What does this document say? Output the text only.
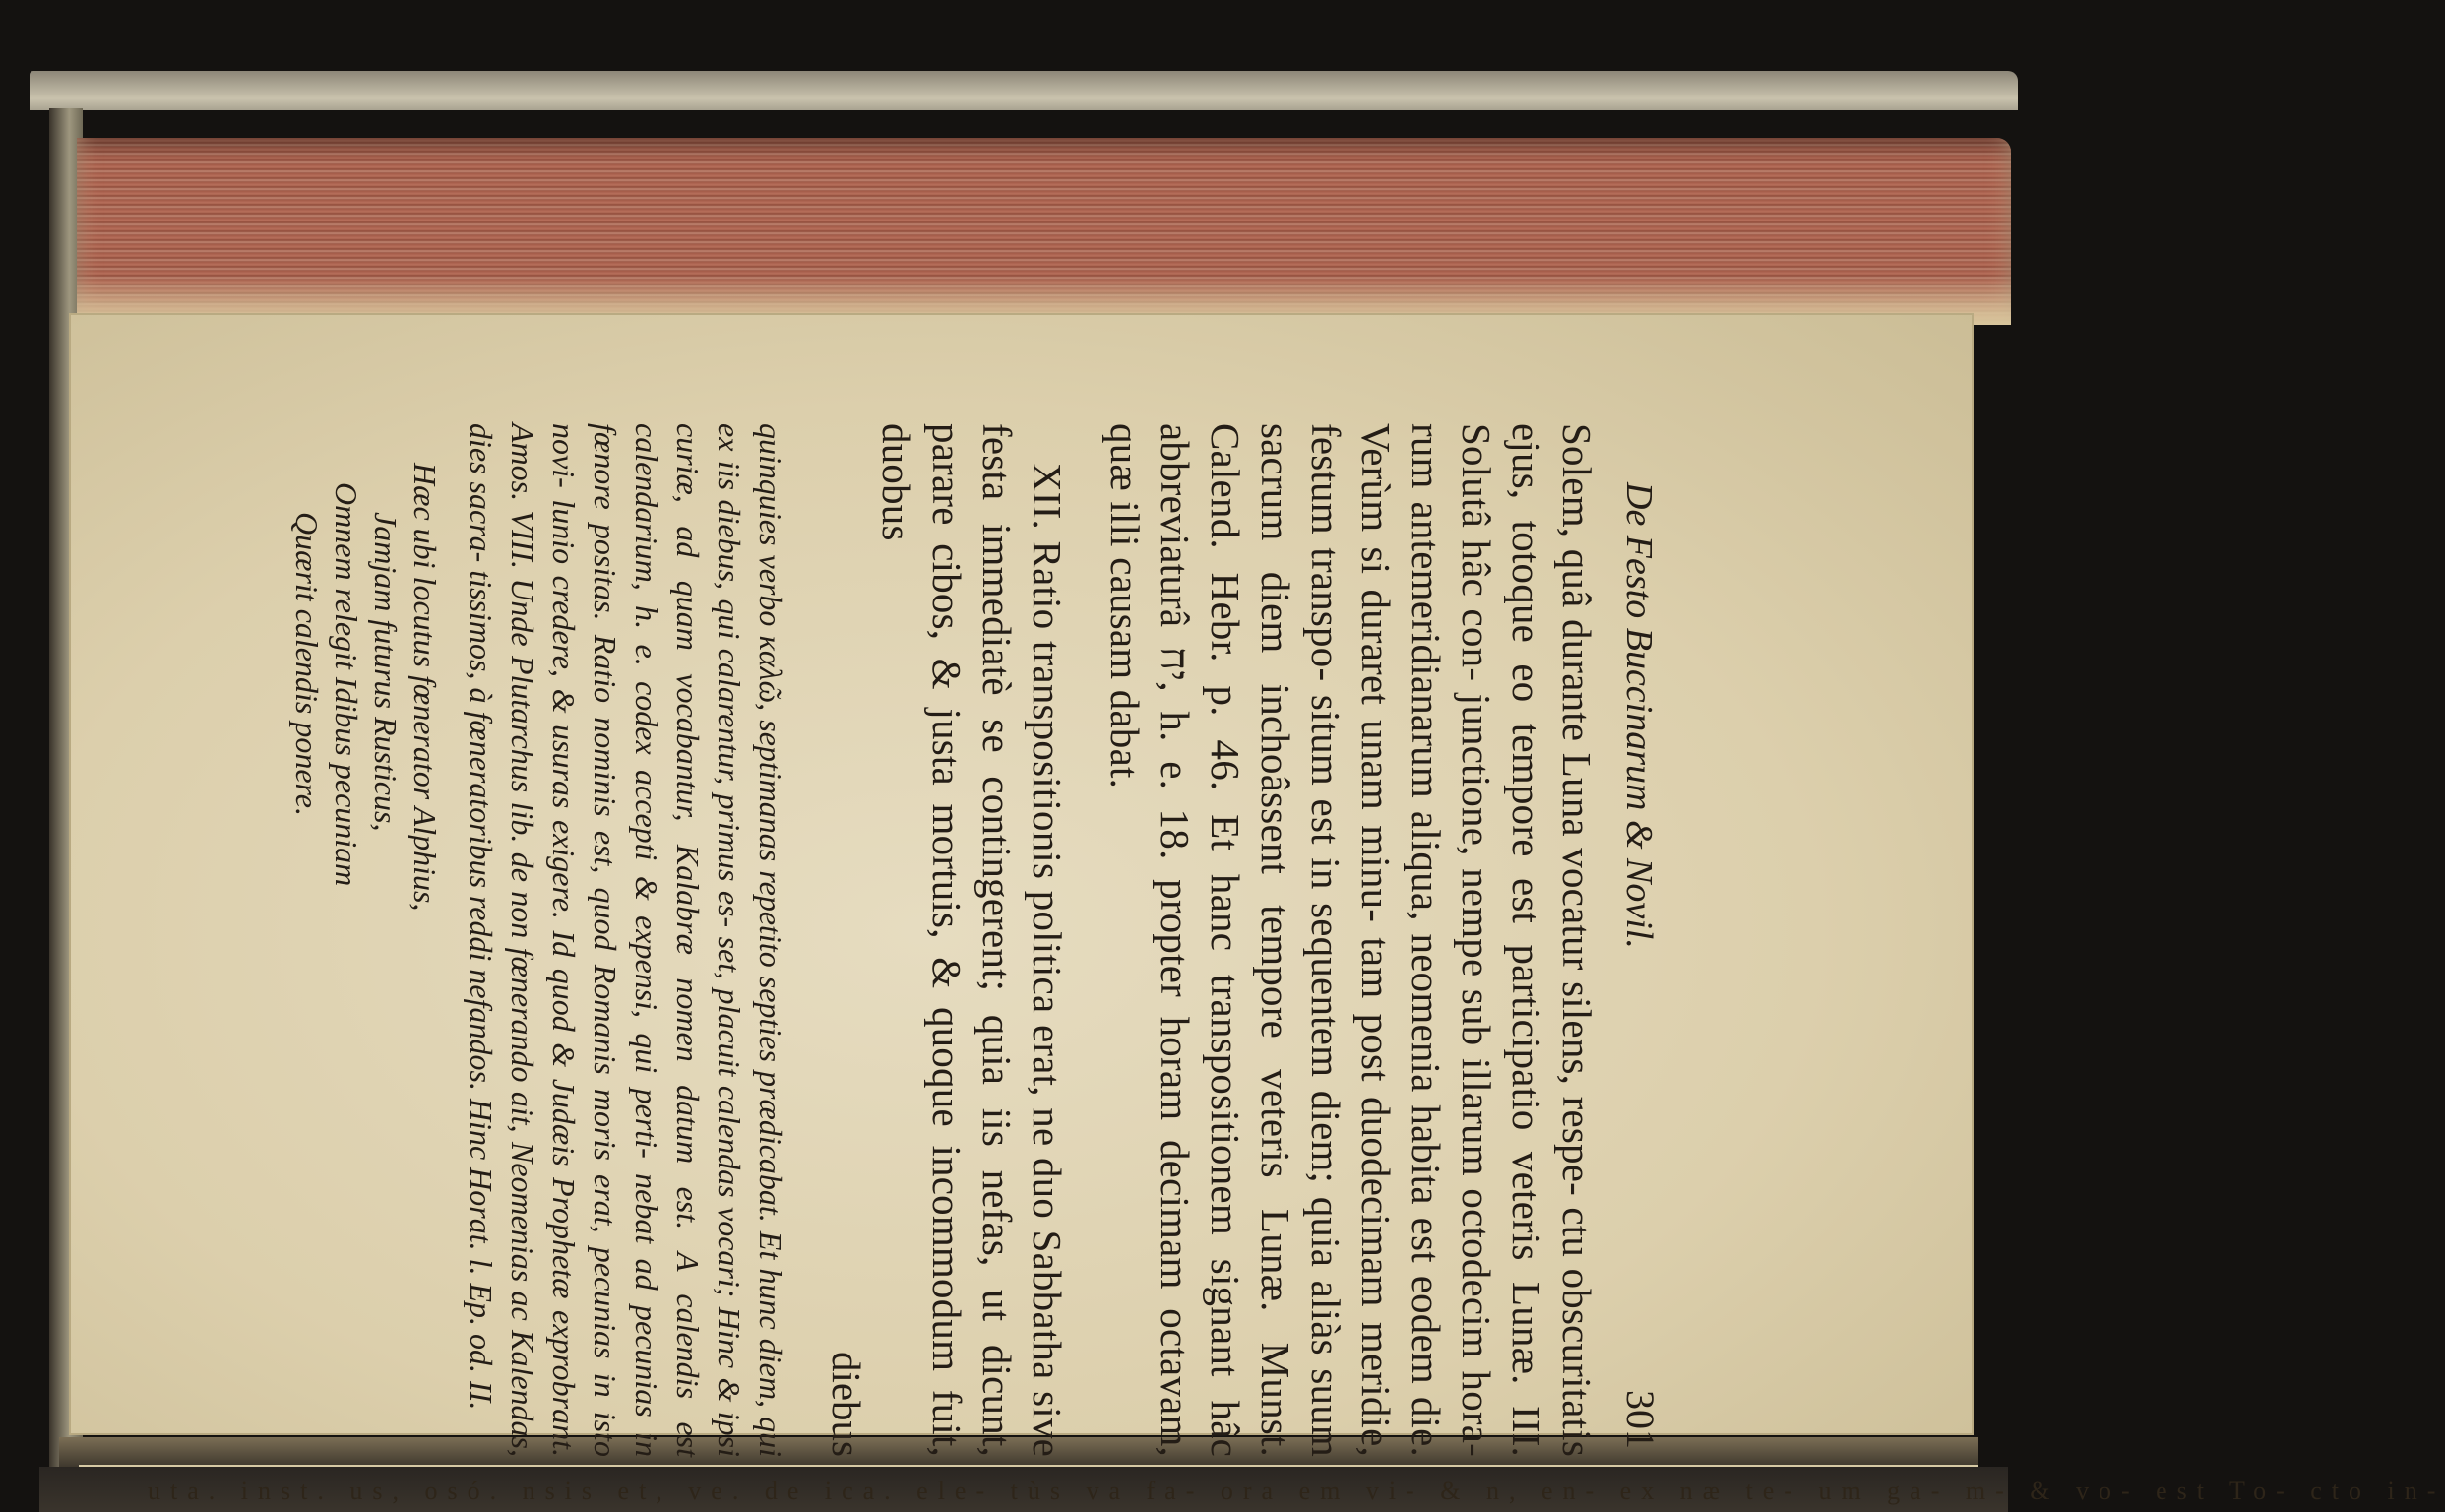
uta. inst. us, osó. nsis et, ve. de ica. ele- tùs va fa- ora em vi- & n, en- ex næ te- um ga- m- & vo- est To- cto in-
De Festo Buccinarum & Novil.
301

Solem, quâ durante Luna vocatur silens, respe- ctu obscuritatis ejus, totoque eo tempore est participatio veteris Lunæ. III. Solutâ hâc con- junctione, nempe sub illarum octodecim hora- rum antemeridianarum aliqua, neomenia habita est eodem die. Verùm si duraret unam minu- tam post duodecimam meridie, festum transpo- situm est in sequentem diem; quia aliàs suum sacrum diem inchoâssent tempore veteris Lunæ. Munst. Calend. Hebr. p. 46. Et hanc transpositionem signant hâc abbreviaturâ יח, h. e. 18. propter horam decimam octavam, quæ illi causam dabat.

XII. Ratio transpositionis politica erat, ne duo Sabbatha sive festa immediatè se contingerent; quia iis nefas, ut dicunt, parare cibos, & justa mortuis, & quoque incommodum fuit, duobus

diebus

quinquies verbo καλῶ, septimanas repetito septies prædicabat. Et hunc diem, qui ex iis diebus, qui calarentur, primus es- set, placuit calendas vocari; Hinc & ipsi curiæ, ad quam vocabantur, Kalabræ nomen datum est. A calendis est calendarium, h. e. codex accepti & expensi, qui perti- nebat ad pecunias in fœnore positas. Ratio nominis est, quod Romanis moris erat, pecunias in isto novi- lunio credere, & usuras exigere. Id quod & Judæis Prophetæ exprobrant. Amos. VIII. Unde Plutarchus lib. de non fœnerando ait, Neomenias ac Kalendas, dies sacra- tissimos, à fœneratoribus reddi nefandos. Hinc Horat. l. Ep. od. II.
Hæc ubi locutus fœnerator Alphius,
Jamjam futurus Rusticus,
Omnem relegit Idibus pecuniam
Quærit calendis ponere.
